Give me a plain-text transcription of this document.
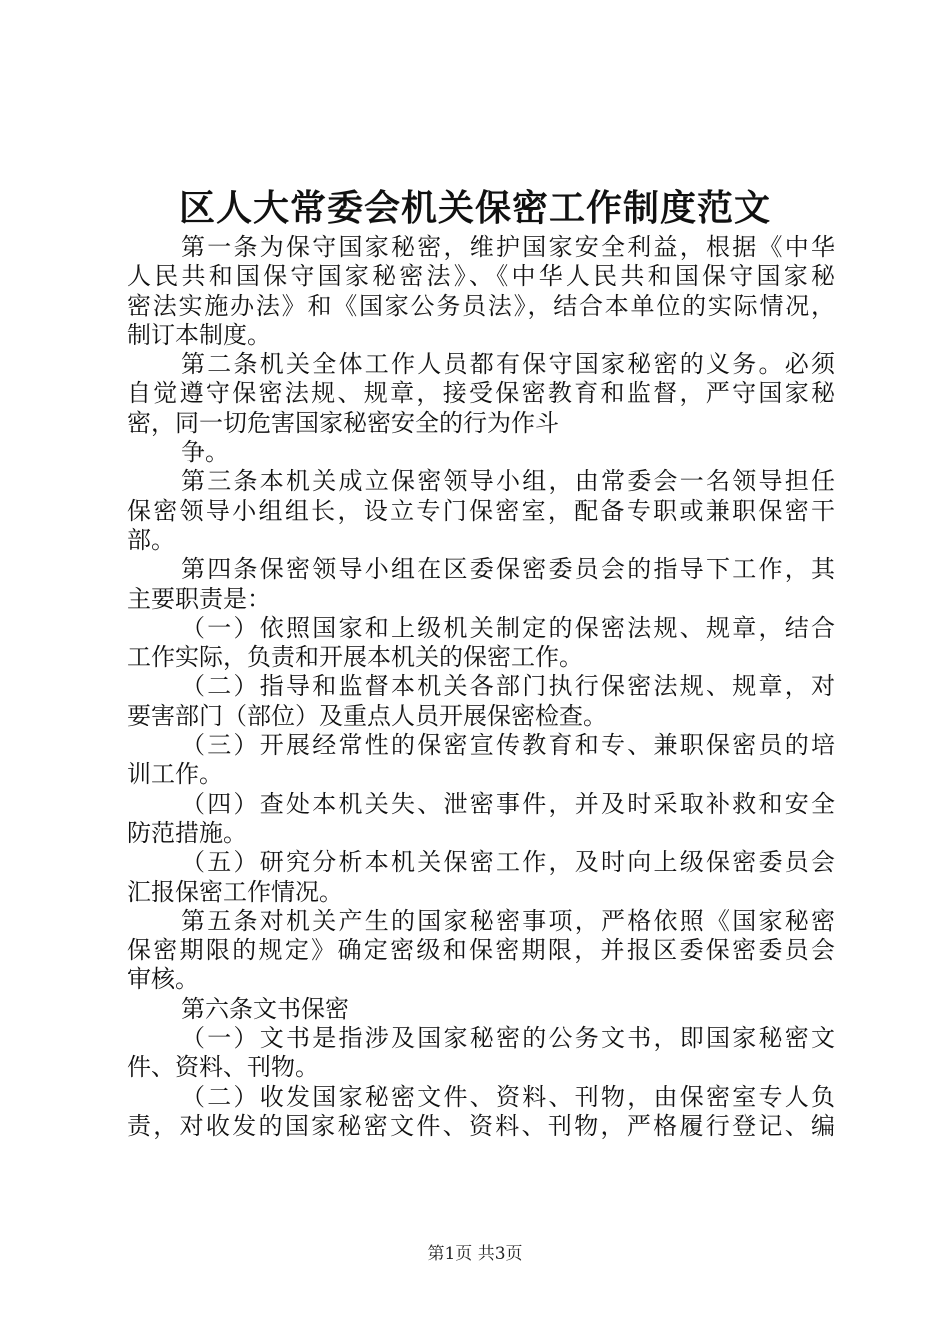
区人大常委会机关保密工作制度范文
第一条为保守国家秘密，维护国家安全利益，根据《中华
人民共和国保守国家秘密法》、《中华人民共和国保守国家秘
密法实施办法》和《国家公务员法》，结合本单位的实际情况，
制订本制度。
第二条机关全体工作人员都有保守国家秘密的义务。必须
自觉遵守保密法规、规章，接受保密教育和监督，严守国家秘
密，同一切危害国家秘密安全的行为作斗
争。
第三条本机关成立保密领导小组，由常委会一名领导担任
保密领导小组组长，设立专门保密室，配备专职或兼职保密干
部。
第四条保密领导小组在区委保密委员会的指导下工作，其
主要职责是：
（一）依照国家和上级机关制定的保密法规、规章，结合
工作实际，负责和开展本机关的保密工作。
（二）指导和监督本机关各部门执行保密法规、规章，对
要害部门（部位）及重点人员开展保密检查。
（三）开展经常性的保密宣传教育和专、兼职保密员的培
训工作。
（四）查处本机关失、泄密事件，并及时采取补救和安全
防范措施。
（五）研究分析本机关保密工作，及时向上级保密委员会
汇报保密工作情况。
第五条对机关产生的国家秘密事项，严格依照《国家秘密
保密期限的规定》确定密级和保密期限，并报区委保密委员会
审核。
第六条文书保密
（一）文书是指涉及国家秘密的公务文书，即国家秘密文
件、资料、刊物。
（二）收发国家秘密文件、资料、刊物，由保密室专人负
责，对收发的国家秘密文件、资料、刊物，严格履行登记、编
第1页 共3页
